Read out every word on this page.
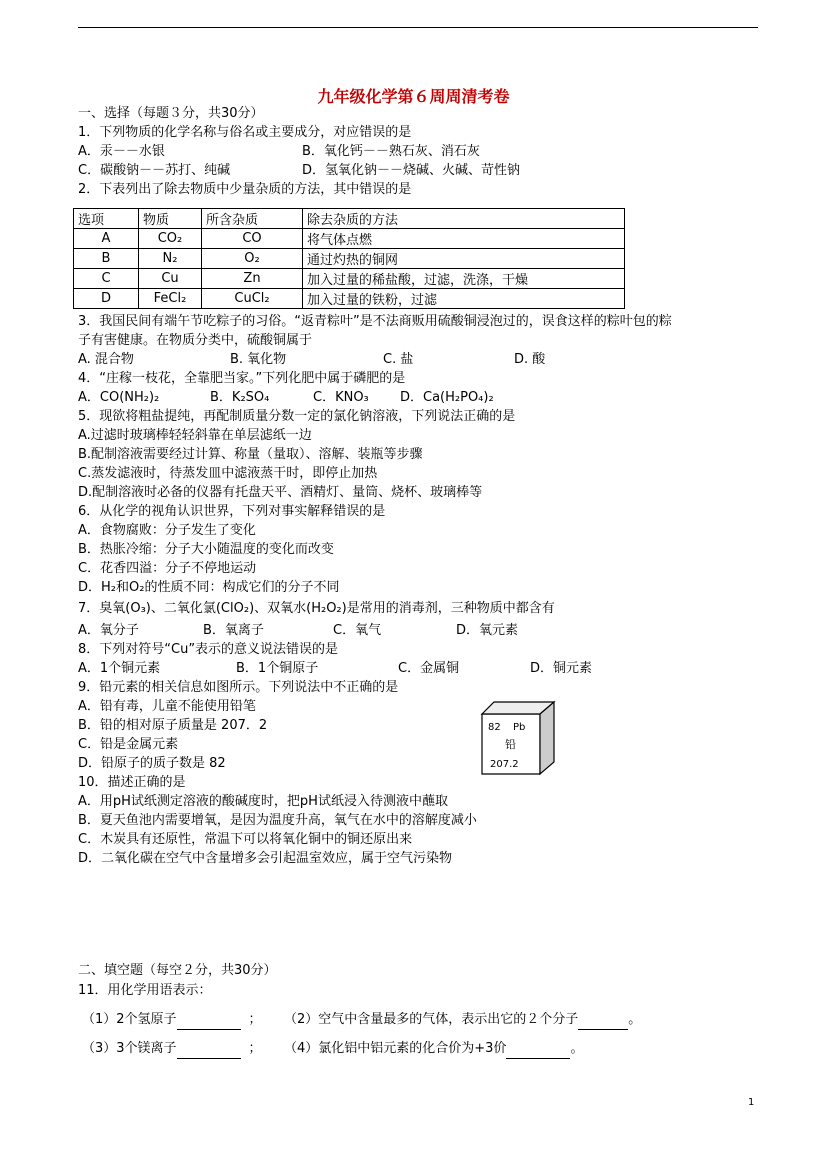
九年级化学第６周周清考卷
一、选择（每题３分，共30分）
1．下列物质的化学名称与俗名或主要成分，对应错误的是
A．汞－－水银	B．氧化钙－－熟石灰、消石灰
C．碳酸钠－－苏打、纯碱	D．氢氧化钠－－烧碱、火碱、苛性钠
2．下表列出了除去物质中少量杂质的方法，其中错误的是
选项	物质	所含杂质	除去杂质的方法
A	CO₂	CO	将气体点燃
B	N₂	O₂	通过灼热的铜网
C	Cu	Zn	加入过量的稀盐酸，过滤，洗涤，干燥
D	FeCl₂	CuCl₂	加入过量的铁粉，过滤
3．我国民间有端午节吃粽子的习俗。“返青粽叶”是不法商贩用硫酸铜浸泡过的，误食这样的粽叶包的粽
子有害健康。在物质分类中，硫酸铜属于
A. 混合物	B. 氧化物	C. 盐	D. 酸
4．“庄稼一枝花，全靠肥当家。”下列化肥中属于磷肥的是
A．CO(NH₂)₂	B．K₂SO₄	C．KNO₃ D．Ca(H₂PO₄)₂
5．现欲将粗盐提纯，再配制质量分数一定的氯化钠溶液，下列说法正确的是
A.过滤时玻璃棒轻轻斜靠在单层滤纸一边
B.配制溶液需要经过计算、称量（量取）、溶解、装瓶等步骤
C.蒸发滤液时，待蒸发皿中滤液蒸干时，即停止加热
D.配制溶液时必备的仪器有托盘天平、酒精灯、量筒、烧杯、玻璃棒等
6．从化学的视角认识世界，下列对事实解释错误的是
A．食物腐败：分子发生了变化
B．热胀冷缩：分子大小随温度的变化而改变
C．花香四溢：分子不停地运动
D．H₂和O₂的性质不同：构成它们的分子不同
7．臭氧(O₃)、二氧化氯(ClO₂)、双氧水(H₂O₂)是常用的消毒剂，三种物质中都含有
A．氧分子	B．氧离子	C．氧气	D．氧元素
8．下列对符号“Cu”表示的意义说法错误的是
A．1个铜元素	B．1个铜原子	C．金属铜	D．铜元素
9．铅元素的相关信息如图所示。下列说法中不正确的是
A．铅有毒，儿童不能使用铅笔
B．铅的相对原子质量是 207．2
C．铅是金属元素
D．铅原子的质子数是 82
82 Pb
铅
207.2
10．描述正确的是
A．用pH试纸测定溶液的酸碱度时，把pH试纸浸入待测液中蘸取
B．夏天鱼池内需要增氧，是因为温度升高，氧气在水中的溶解度减小
C．木炭具有还原性，常温下可以将氧化铜中的铜还原出来
D．二氧化碳在空气中含量增多会引起温室效应，属于空气污染物
二、填空题（每空２分，共30分）
11．用化学用语表示：
（1）2个氢原子	； （2）空气中含量最多的气体，表示出它的２个分子	。
（3）3个镁离子	； （4）氯化铝中铝元素的化合价为+3价	。
1
